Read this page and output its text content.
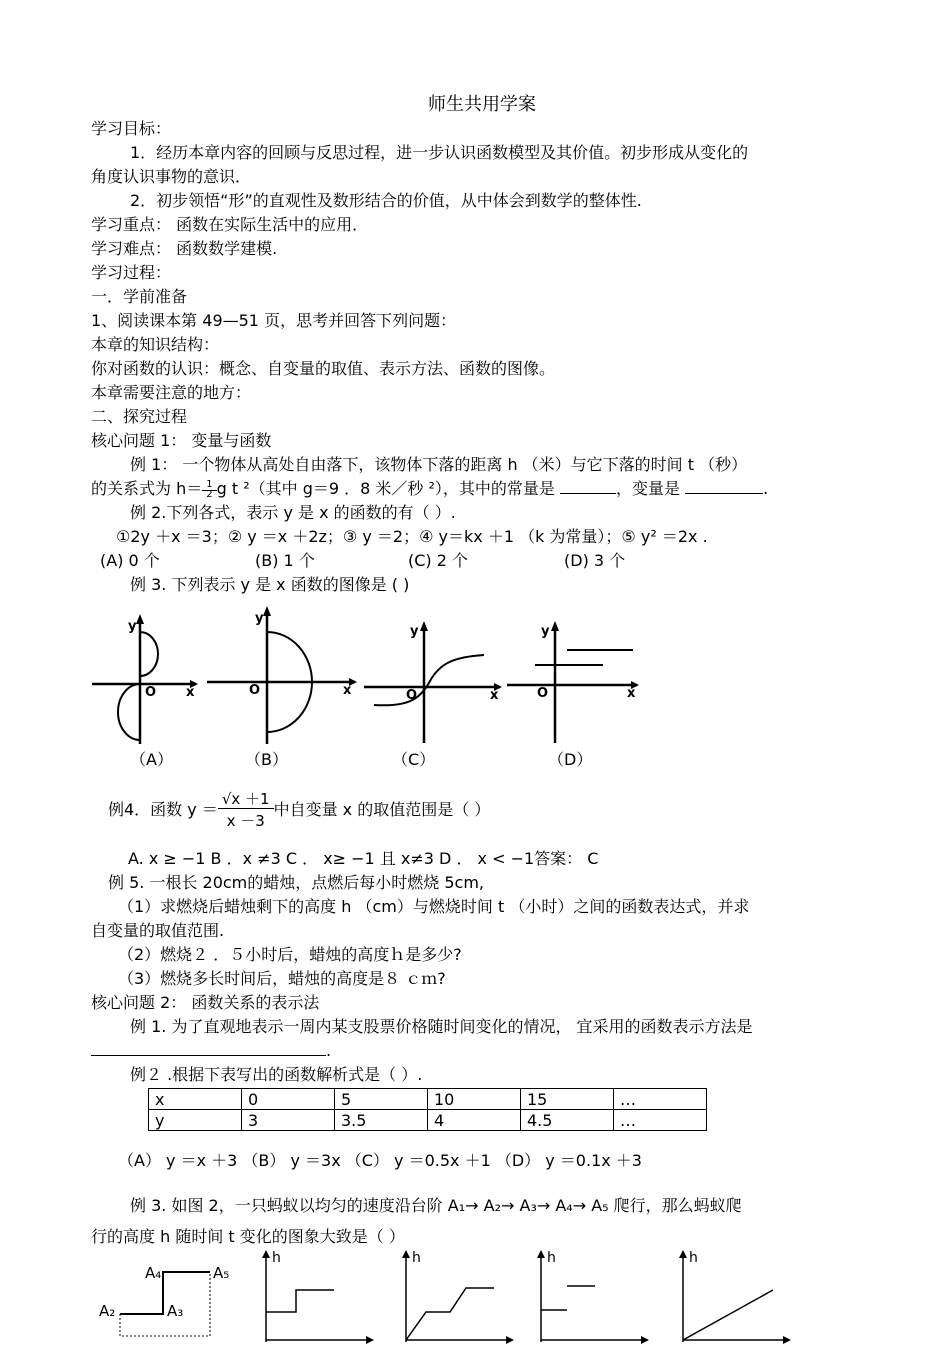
师生共用学案
学习目标：
1．经历本章内容的回顾与反思过程，进一步认识函数模型及其价值。初步形成从变化的
角度认识事物的意识．
2．初步领悟“形”的直观性及数形结合的价值，从中体会到数学的整体性.
学习重点： 函数在实际生活中的应用．
学习难点： 函数数学建模.
学习过程：
一．学前准备
1、阅读课本第 49—51 页，思考并回答下列问题：
本章的知识结构：
你对函数的认识：概念、自变量的取值、表示方法、函数的图像。
本章需要注意的地方：
二、探究过程
核心问题 1： 变量与函数
例 1： 一个物体从高处自由落下，该物体下落的距离 h （米）与它下落的时间 t （秒）
的关系式为 $h=\frac{1}{2}g$ t ²（其中 g＝9 ．8 米／秒 ²），其中的常量是	，变量是	.
例 2.下列各式，表示 y 是 x 的函数的有（ ）.
①2y ＋x ＝3；② y ＝x ＋2z；③ y ＝2；④ y＝kx ＋1 （k 为常量）；⑤ y² ＝2x .
(A) 0 个	(B) 1 个	(C) 2 个	(D) 3 个
例 3. 下列表示 y 是 x 函数的图像是 ( )
y
O x
y
O	x
y
O	x
y
O	x
（A）	（B）	（C）	（D）
例4．函数 $y =\frac{√x +1}{x -3}$中自变量 x 的取值范围是（ ）
A. x ≥ −1 B ．x ≠3 C ． x≥ −1 且 x≠3 D ． x < −1答案： C
例 5. 一根长 20cm的蜡烛，点燃后每小时燃烧 5cm,
（1）求燃烧后蜡烛剩下的高度 h （cm）与燃烧时间 t （小时）之间的函数表达式，并求
自变量的取值范围.
（2）燃烧２ ．５小时后，蜡烛的高度ｈ是多少?
（3）燃烧多长时间后，蜡烛的高度是８ ｃｍ?
核心问题 2： 函数关系的表示法
例 1. 为了直观地表示一周内某支股票价格随时间变化的情况， 宜采用的函数表示方法是
.
例２ .根据下表写出的函数解析式是（ ）.
x	0	5	10	15	…
y	3	3.5	4	4.5	…
（A） y ＝x ＋3 （B） y ＝3x （C） y ＝0.5x ＋1 （D） y ＝0.1x ＋3
例 3. 如图 2，一只蚂蚁以均匀的速度沿台阶 A₁→ A₂→ A₃→ A₄→ A₅ 爬行，那么蚂蚁爬
行的高度 h 随时间 t 变化的图象大致是（ ）
A₂	A₃
A₄	A₅
h	h	h	h
